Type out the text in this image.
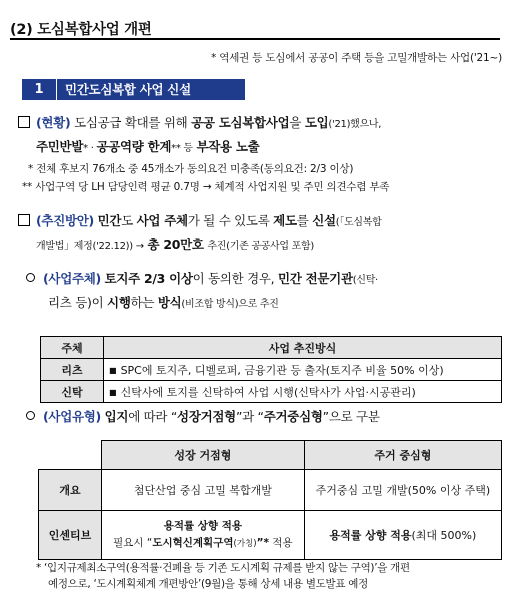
(2) 도심복합사업 개편
* 역세권 등 도심에서 공공이 주택 등을 고밀개발하는 사업('21~)
1	민간도심복합 사업 신설
(현황) 도심공급 확대를 위해 공공 도심복합사업을 도입('21)했으나,
주민반발* · 공공역량 한계** 등 부작용 노출
* 전체 후보지 76개소 중 45개소가 동의요건 미충족(동의요건: 2/3 이상)
** 사업구역 당 LH 담당인력 평균 0.7명 → 체계적 사업지원 및 주민 의견수렴 부족
(추진방안) 민간도 사업 주체가 될 수 있도록 제도를 신설(「도심복합
개발법」제정('22.12)) → 총 20만호 추진(기존 공공사업 포함)
(사업주체) 토지주 2/3 이상이 동의한 경우, 민간 전문기관(신탁·
리츠 등)이 시행하는 방식(비조합 방식)으로 추진
주체	사업 추진방식
리츠	■ SPC에 토지주, 디벨로퍼, 금융기관 등 출자(토지주 비율 50% 이상)
신탁	■ 신탁사에 토지를 신탁하여 사업 시행(신탁사가 사업·시공관리)
(사업유형) 입지에 따라 “성장거점형”과 “주거중심형”으로 구분
	성장 거점형	주거 중심형
개요	첨단산업 중심 고밀 복합개발	주거중심 고밀 개발(50% 이상 주택)
인센티브	용적률 상향 적용
필요시 “도시혁신계획구역(가칭)”* 적용	용적률 상향 적용(최대 500%)
* ‘입지규제최소구역(용적률·건폐율 등 기존 도시계획 규제를 받지 않는 구역)’을 개편
예정으로, ‘도시계획체계 개편방안’(9월)을 통해 상세 내용 별도발표 예정
